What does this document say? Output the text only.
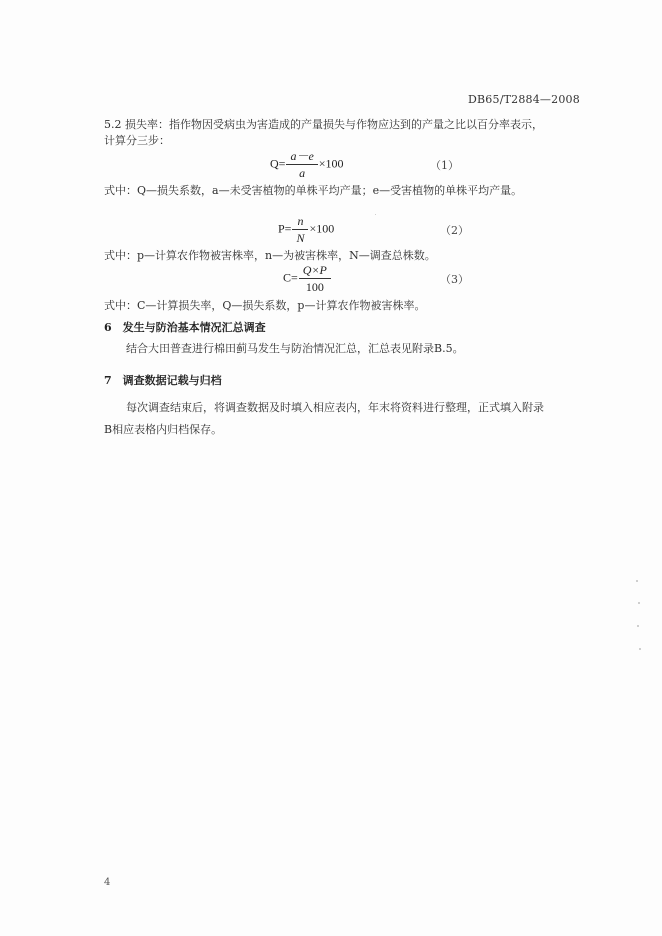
DB65/T2884—2008
5.2 损失率：指作物因受病虫为害造成的产量损失与作物应达到的产量之比以百分率表示，
计算分三步：
$Q= \frac{a-e}{a} \times 100$	（1）
式中：Q—损失系数，a—未受害植物的单株平均产量；e—受害植物的单株平均产量。
$P= \frac{n}{N} \times 100$	（2）
式中：p—计算农作物被害株率，n—为被害株率，N—调查总株数。
$C= \frac{Q\times P}{100}$	（3）
式中：C—计算损失率，Q—损失系数，p—计算农作物被害株率。
6　发生与防治基本情况汇总调查
结合大田普查进行棉田蓟马发生与防治情况汇总，汇总表见附录B.5。
7　调查数据记载与归档
每次调查结束后，将调查数据及时填入相应表内，年末将资料进行整理，正式填入附录
B相应表格内归档保存。
4
